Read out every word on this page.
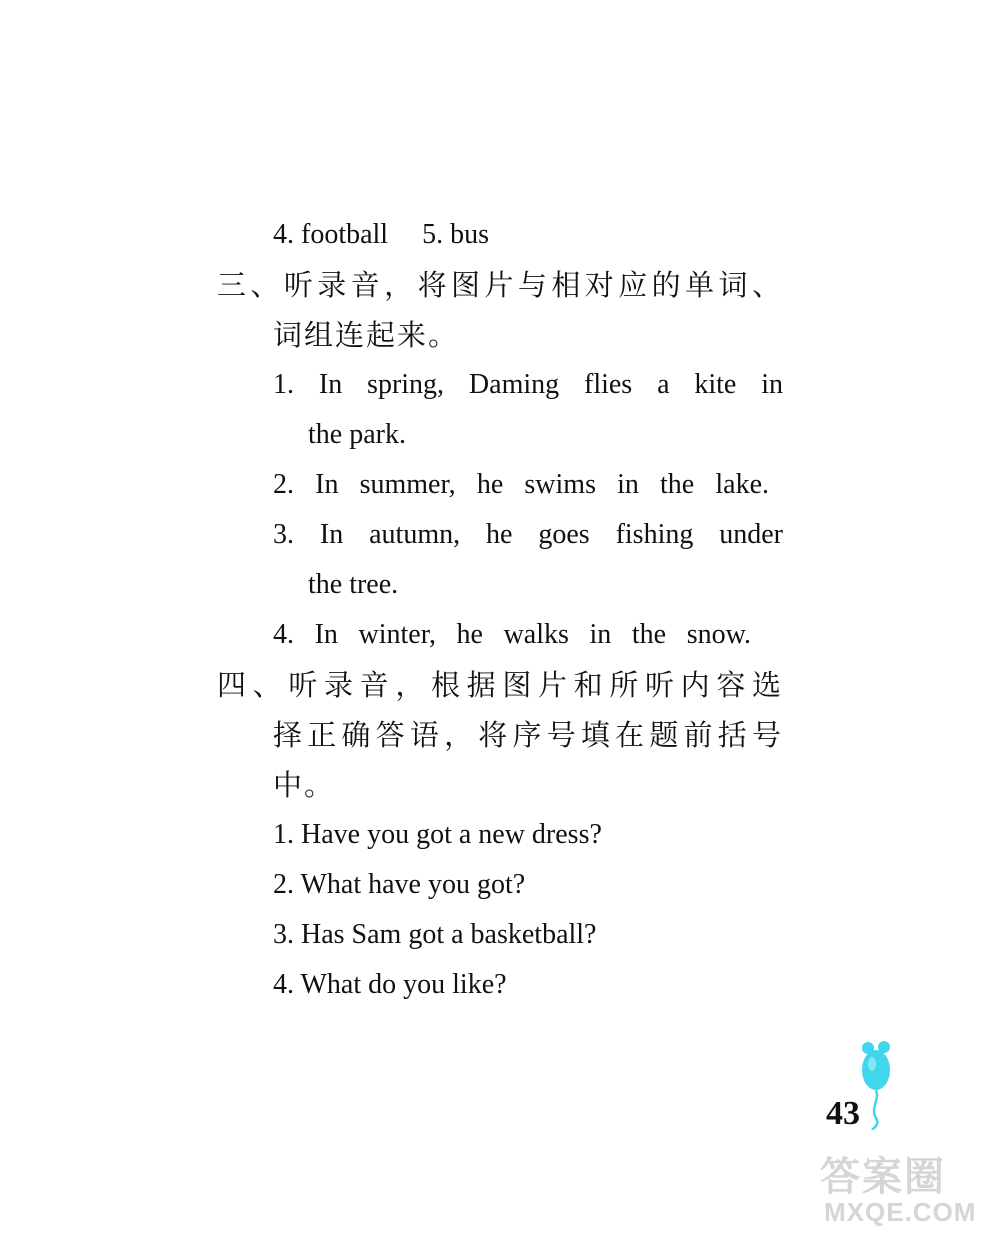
4. football 5. bus
三、听录音，将图片与相对应的单词、
词组连起来。
1. In spring, Daming flies a kite in
the park.
2. In summer, he swims in the lake.
3. In autumn, he goes fishing under
the tree.
4. In winter, he walks in the snow.
四、听录音，根据图片和所听内容选
择正确答语，将序号填在题前括号
中。
1. Have you got a new dress?
2. What have you got?
3. Has Sam got a basketball?
4. What do you like?
43
答案圈
MXQE.COM
